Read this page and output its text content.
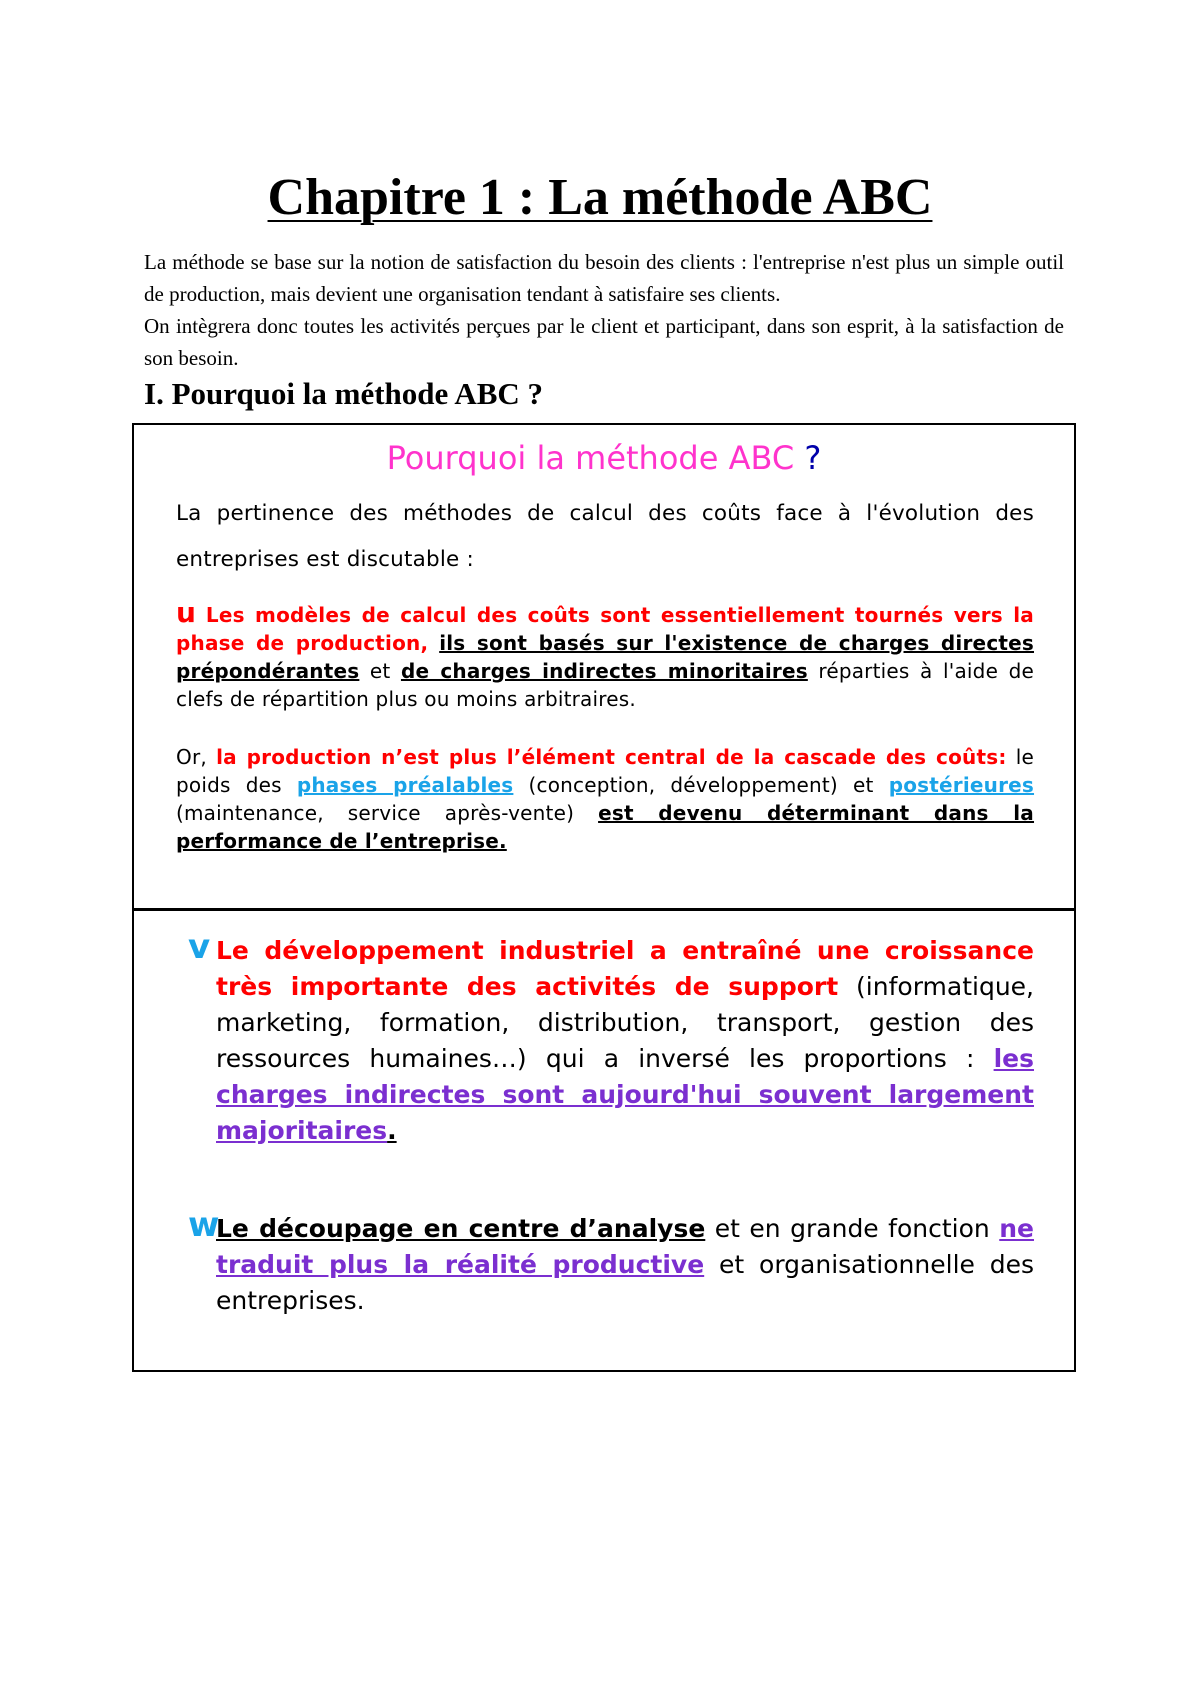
Chapitre 1 : La méthode ABC

La méthode se base sur la notion de satisfaction du besoin des clients : l'entreprise n'est plus un simple outil de production, mais devient une organisation tendant à satisfaire ses clients.

On intègrera donc toutes les activités perçues par le client et participant, dans son esprit, à la satisfaction de son besoin.

I. Pourquoi la méthode ABC ?
Pourquoi la méthode ABC ?
La pertinence des méthodes de calcul des coûts face à l'évolution des entreprises est discutable :

u Les modèles de calcul des coûts sont essentiellement tournés vers la phase de production, ils sont basés sur l'existence de charges directes prépondérantes et de charges indirectes minoritaires réparties à l'aide de clefs de répartition plus ou moins arbitraires.

Or, la production n’est plus l’élément central de la cascade des coûts: le poids des phases préalables (conception, développement) et postérieures (maintenance, service après-vente) est devenu déterminant dans la performance de l’entreprise.

v Le développement industriel a entraîné une croissance très importante des activités de support (informatique, marketing, formation, distribution, transport, gestion des ressources humaines…) qui a inversé les proportions : les charges indirectes sont aujourd'hui souvent largement majoritaires.

w

Le découpage en centre d’analyse et en grande fonction ne traduit plus la réalité productive et organisationnelle des entreprises.
